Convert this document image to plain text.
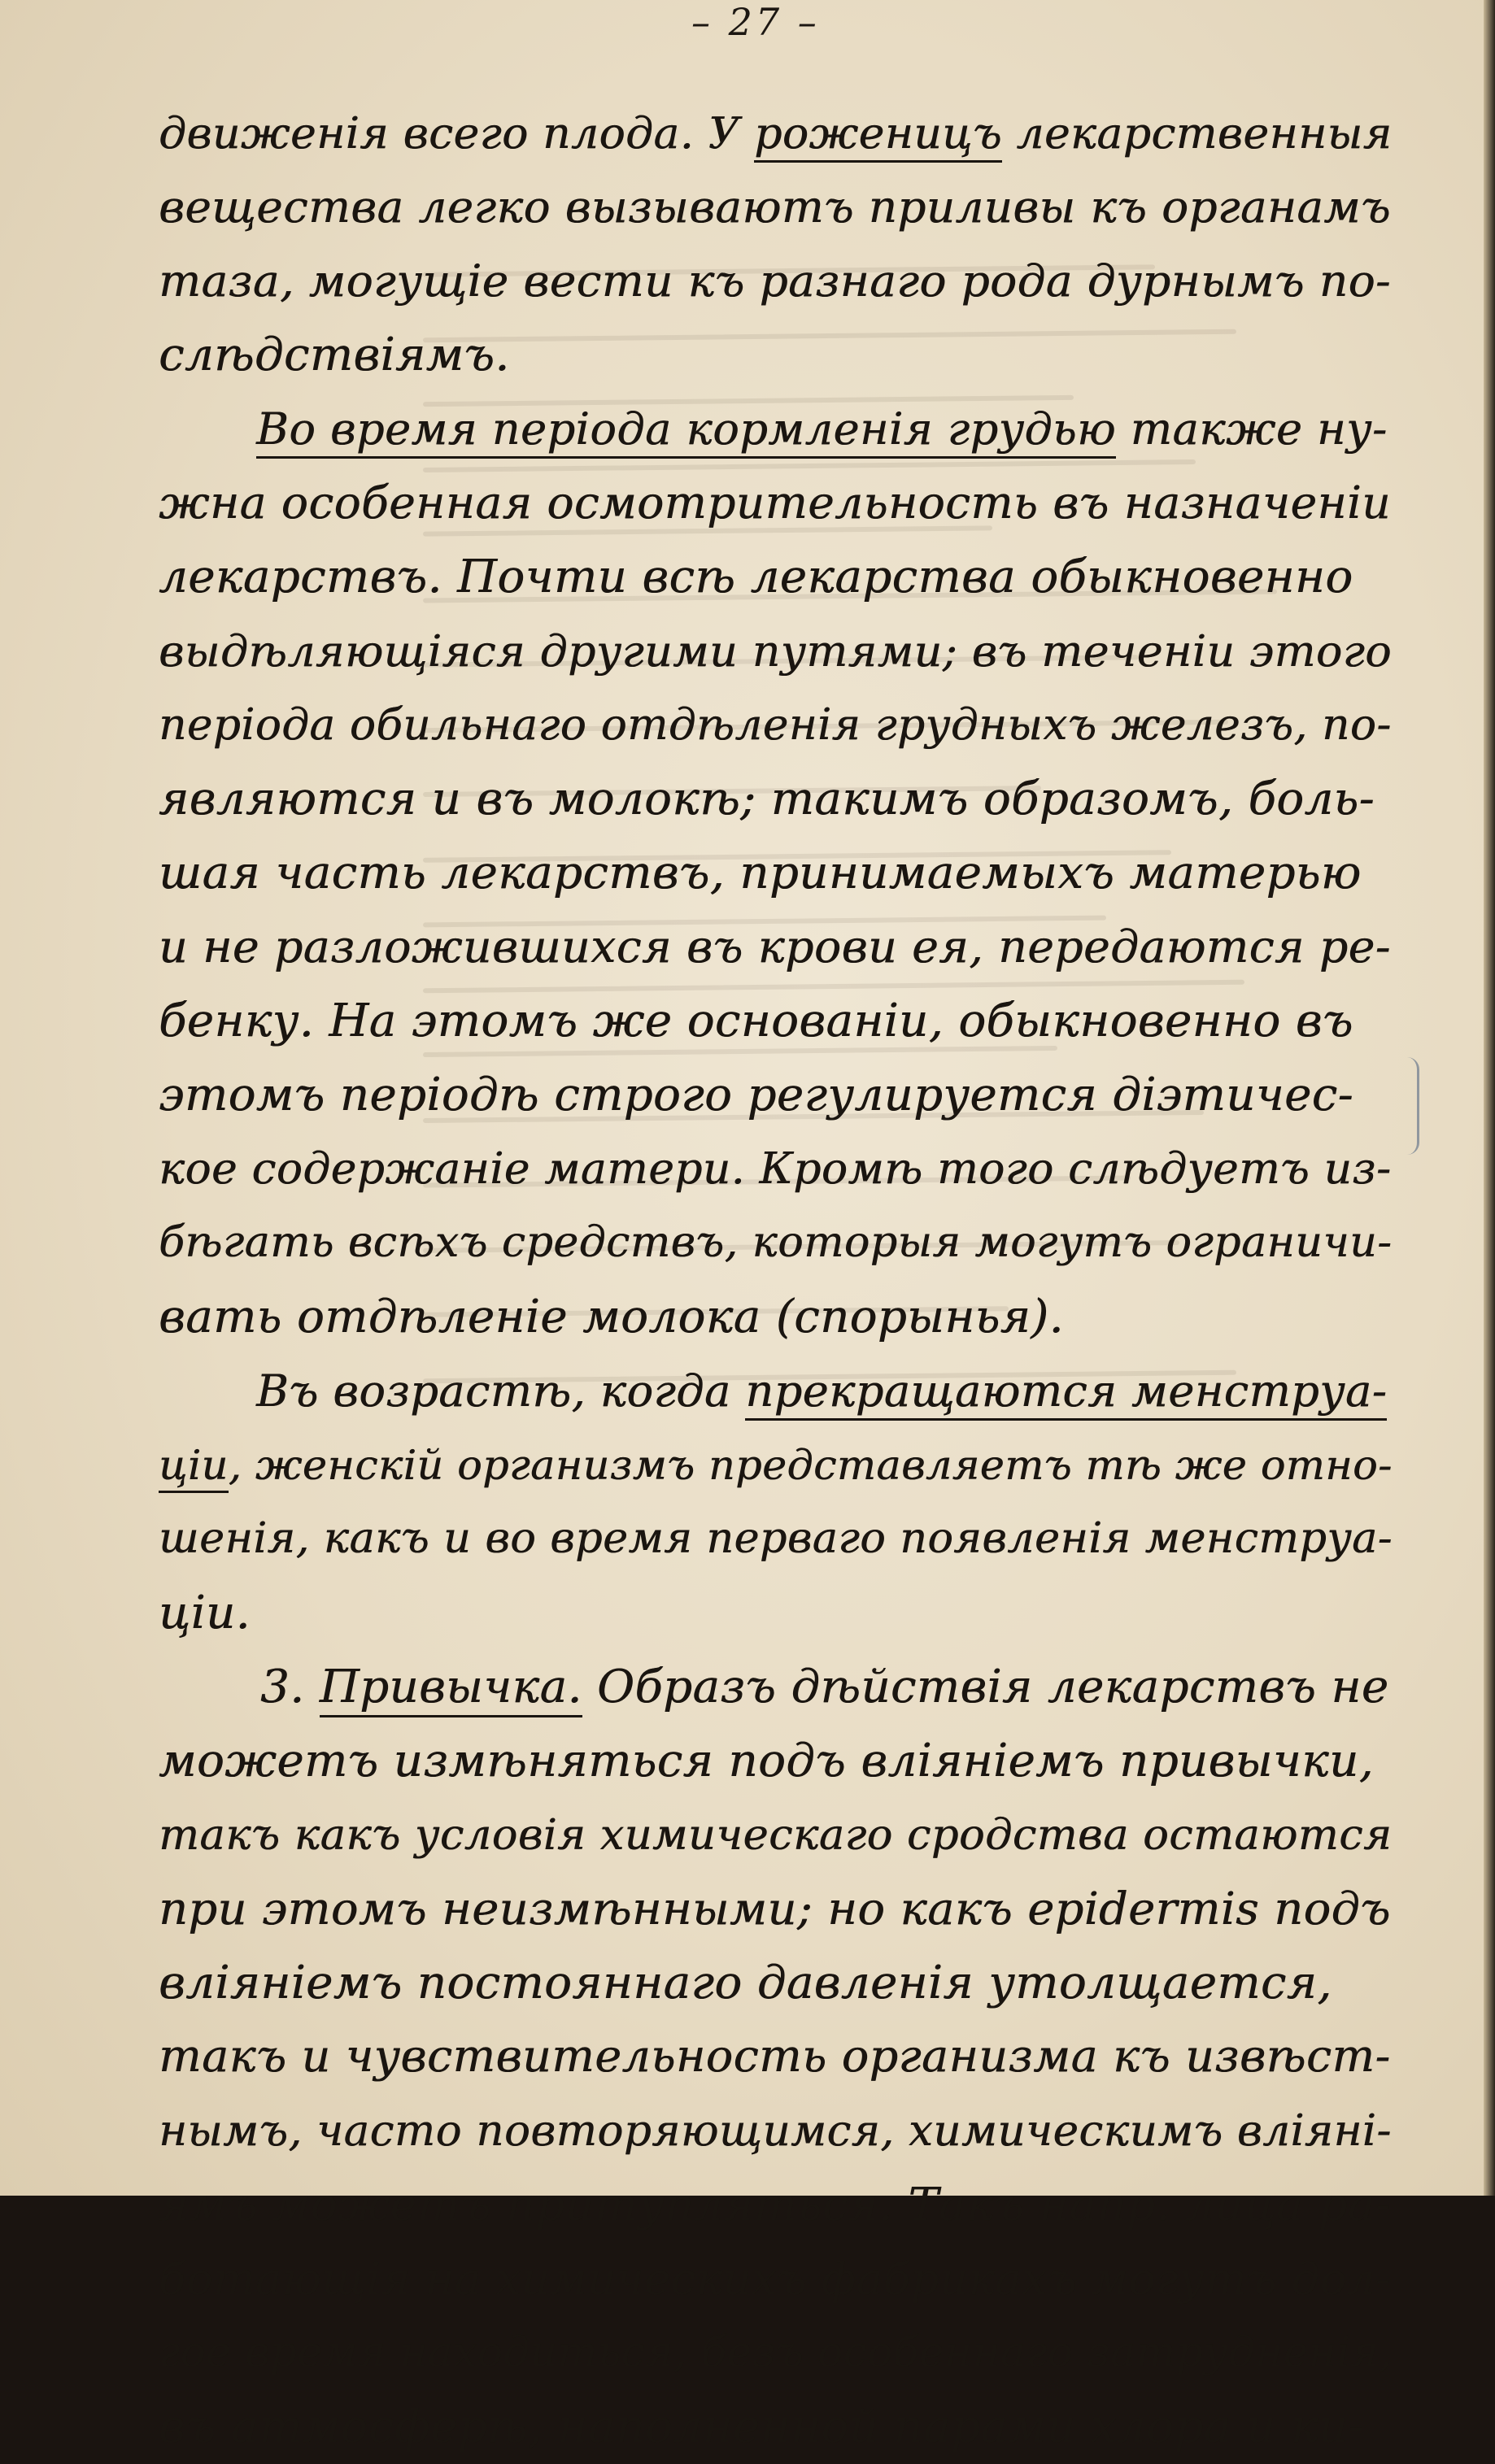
– 27 –
движенія всего плода. У роженицъ лекарственныя
вещества легко вызываютъ приливы къ органамъ
таза, могущіе вести къ разнаго рода дурнымъ по-
слѣдствіямъ.
Во время періода кормленія грудью также ну-
жна особенная осмотрительность въ назначеніи
лекарствъ. Почти всѣ лекарства обыкновенно
выдѣляющіяся другими путями; въ теченіи этого
періода обильнаго отдѣленія грудныхъ железъ, по-
являются и въ молокѣ; такимъ образомъ, боль-
шая часть лекарствъ, принимаемыхъ матерью
и не разложившихся въ крови ея, передаются ре-
бенку. На этомъ же основаніи, обыкновенно въ
этомъ періодѣ строго регулируется діэтичес-
кое содержаніе матери. Кромѣ того слѣдуетъ из-
бѣгать всѣхъ средствъ, которыя могутъ ограничи-
вать отдѣленіе молока (спорынья).
Въ возрастѣ, когда прекращаются менструа-
ціи, женскій организмъ представляетъ тѣ же отно-
шенія, какъ и во время перваго появленія менструа-
ціи.
3. Привычка. Образъ дѣйствія лекарствъ не
можетъ измѣняться подъ вліяніемъ привычки,
такъ какъ условія химическаго сродства остаются
при этомъ неизмѣнными; но какъ epidermis подъ
вліяніемъ постояннаго давленія утолщается,
такъ и чувствительность организма къ извѣст-
нымъ, часто повторяющимся, химическимъ вліяні-
ямъ можетъ притупляться. Такъ напр. лица ра-
ботающія на химическихъ фабрикахъ могутъ дол-
гое время находиться, безъ особеннаго затрудненія,
въ атмосферѣ, наполненной парами хлора и ки-
